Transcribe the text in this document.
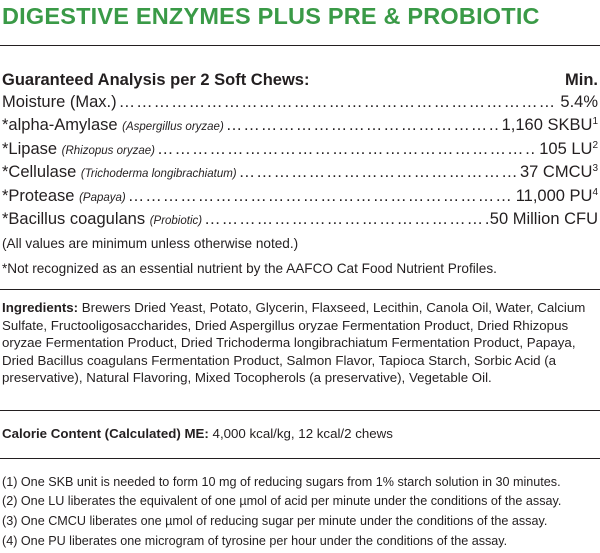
DIGESTIVE ENZYMES PLUS PRE & PROBIOTIC
Guaranteed Analysis per 2 Soft Chews:	Min.
Moisture (Max.) ……………………………………………………………………………………………………………………………………	5.4%
*alpha-Amylase (Aspergillus oryzae) ……………………………………………………………………………………………………………………………………	1,160 SKBU$^1$
*Lipase (Rhizopus oryzae) ……………………………………………………………………………………………………………………………………	105 $LU^2$
*Cellulase (Trichoderma longibrachiatum) ……………………………………………………………………………………………………………………………………	37 CMCU$^3$
*Protease (Papaya) ……………………………………………………………………………………………………………………………………	11,000 $PU^4$
*Bacillus coagulans (Probiotic) ……………………………………………………………………………………………………………………………………	50 Million CFU
(All values are minimum unless otherwise noted.)
*Not recognized as an essential nutrient by the AAFCO Cat Food Nutrient Profiles.
Ingredients: Brewers Dried Yeast, Potato, Glycerin, Flaxseed, Lecithin, Canola Oil, Water, Calcium Sulfate, Fructooligosaccharides, Dried Aspergillus oryzae Fermentation Product, Dried Rhizopus oryzae Fermentation Product, Dried Trichoderma longibrachiatum Fermentation Product, Papaya, Dried Bacillus coagulans Fermentation Product, Salmon Flavor, Tapioca Starch, Sorbic Acid (a preservative), Natural Flavoring, Mixed Tocopherols (a preservative), Vegetable Oil.
Calorie Content (Calculated) ME: 4,000 kcal/kg, 12 kcal/2 chews
(1) One SKB unit is needed to form 10 mg of reducing sugars from 1% starch solution in 30 minutes.
(2) One LU liberates the equivalent of one µmol of acid per minute under the conditions of the assay.
(3) One CMCU liberates one µmol of reducing sugar per minute under the conditions of the assay.
(4) One PU liberates one microgram of tyrosine per hour under the conditions of the assay.
